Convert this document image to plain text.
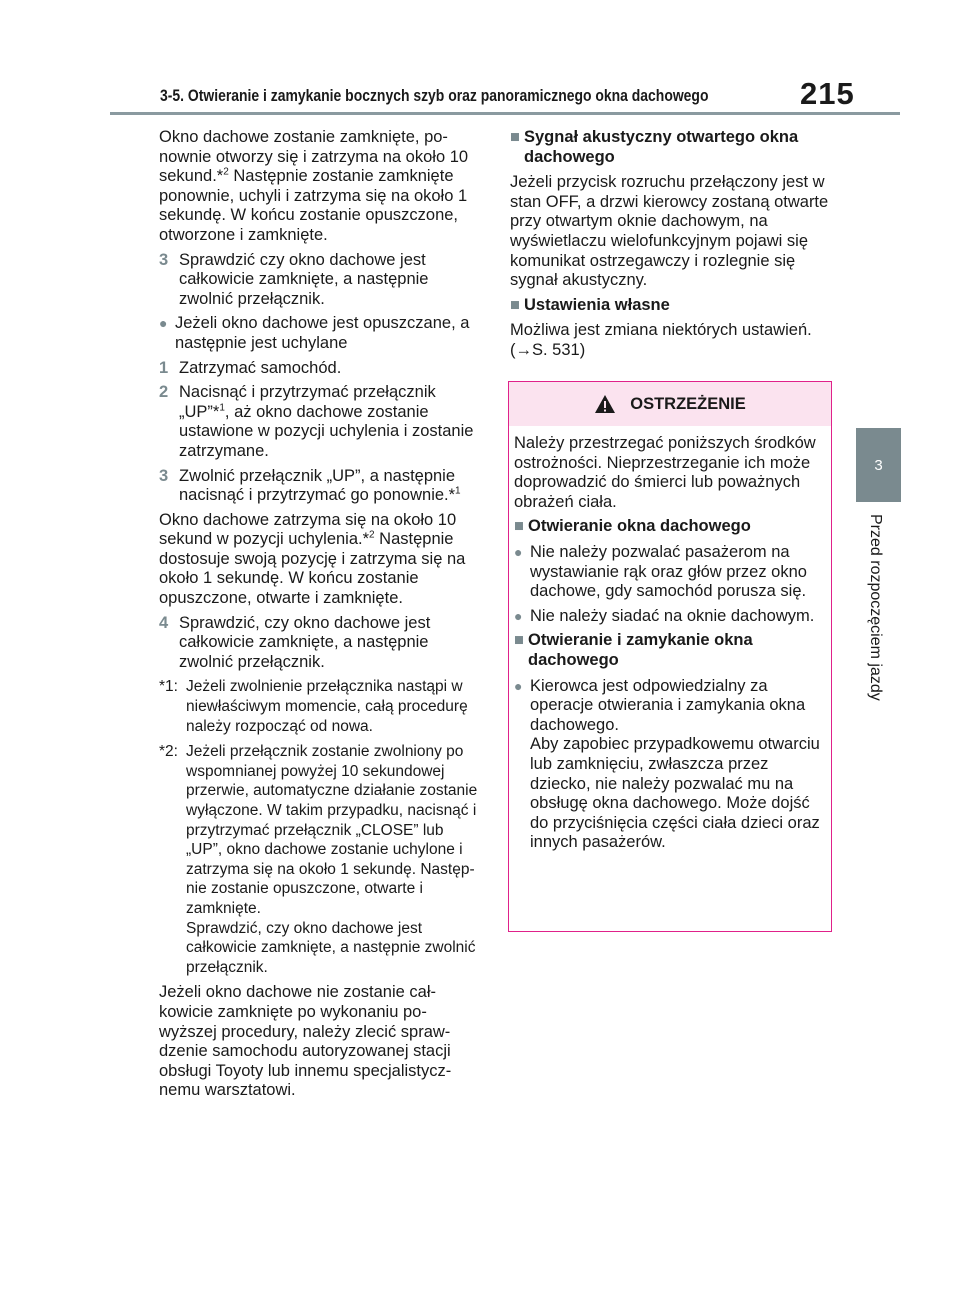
3-5. Otwieranie i zamykanie bocznych szyb oraz panoramicznego okna dachowego	215
3
Przed rozpoczęciem jazdy

Okno dachowe zostanie zamknięte, ponownie otworzy się i zatrzyma na około 10 sekund.*$^2$ Następnie zostanie zamknięte ponownie, uchyli i zatrzyma się na około 1 sekundę. W końcu zostanie opuszczone, otworzone i zamknięte.

3 Sprawdzić czy okno dachowe jest całkowicie zamknięte, a następnie zwolnić przełącznik.
● Jeżeli okno dachowe jest opuszczane, a następnie jest uchylane
1 Zatrzymać samochód.
2 Nacisnąć i przytrzymać przełącznik „UP”*$^1$, aż okno dachowe zostanie ustawione w pozycji uchylenia i zostanie zatrzymane.
3 Zwolnić przełącznik „UP”, a następnie nacisnąć i przytrzymać go ponownie.*$^1$

Okno dachowe zatrzyma się na około 10 sekund w pozycji uchylenia.*$^2$ Następnie dostosuje swoją pozycję i zatrzyma się na około 1 sekundę. W końcu zostanie opuszczone, otwarte i zamknięte.

4 Sprawdzić, czy okno dachowe jest całkowicie zamknięte, a następnie zwolnić przełącznik.
*1: Jeżeli zwolnienie przełącznika nastąpi w niewłaściwym momencie, całą procedurę należy rozpocząć od nowa.
*2: Jeżeli przełącznik zostanie zwolniony po wspomnianej powyżej 10 sekundowej przerwie, automatyczne działanie zostanie wyłączone. W takim przypadku, nacisnąć i przytrzymać przełącznik „CLOSE” lub „UP”, okno dachowe zostanie uchylone i zatrzyma się na około 1 sekundę. Następnie zostanie opuszczone, otwarte i zamknięte.
Sprawdzić, czy okno dachowe jest całkowicie zamknięte, a następnie zwolnić przełącznik.

Jeżeli okno dachowe nie zostanie całkowicie zamknięte po wykonaniu powyższej procedury, należy zlecić sprawdzenie samochodu autoryzowanej stacji obsługi Toyoty lub innemu specjalistycznemu warsztatowi.

■ Sygnał akustyczny otwartego okna dachowego

Jeżeli przycisk rozruchu przełączony jest w stan OFF, a drzwi kierowcy zostaną otwarte przy otwartym oknie dachowym, na wyświetlaczu wielofunkcyjnym pojawi się komunikat ostrzegawczy i rozlegnie się sygnał akustyczny.

■ Ustawienia własne

Możliwa jest zmiana niektórych ustawień.
(→S. 531)

OSTRZEŻENIE

Należy przestrzegać poniższych środków ostrożności. Nieprzestrzeganie ich może doprowadzić do śmierci lub poważnych obrażeń ciała.

■ Otwieranie okna dachowego
● Nie należy pozwalać pasażerom na wystawianie rąk oraz głów przez okno dachowe, gdy samochód porusza się.
● Nie należy siadać na oknie dachowym.
■ Otwieranie i zamykanie okna dachowego
● Kierowca jest odpowiedzialny za operacje otwierania i zamykania okna dachowego.
Aby zapobiec przypadkowemu otwarciu lub zamknięciu, zwłaszcza przez dziecko, nie należy pozwalać mu na obsługę okna dachowego. Może dojść do przyciśnięcia części ciała dzieci oraz innych pasażerów.
